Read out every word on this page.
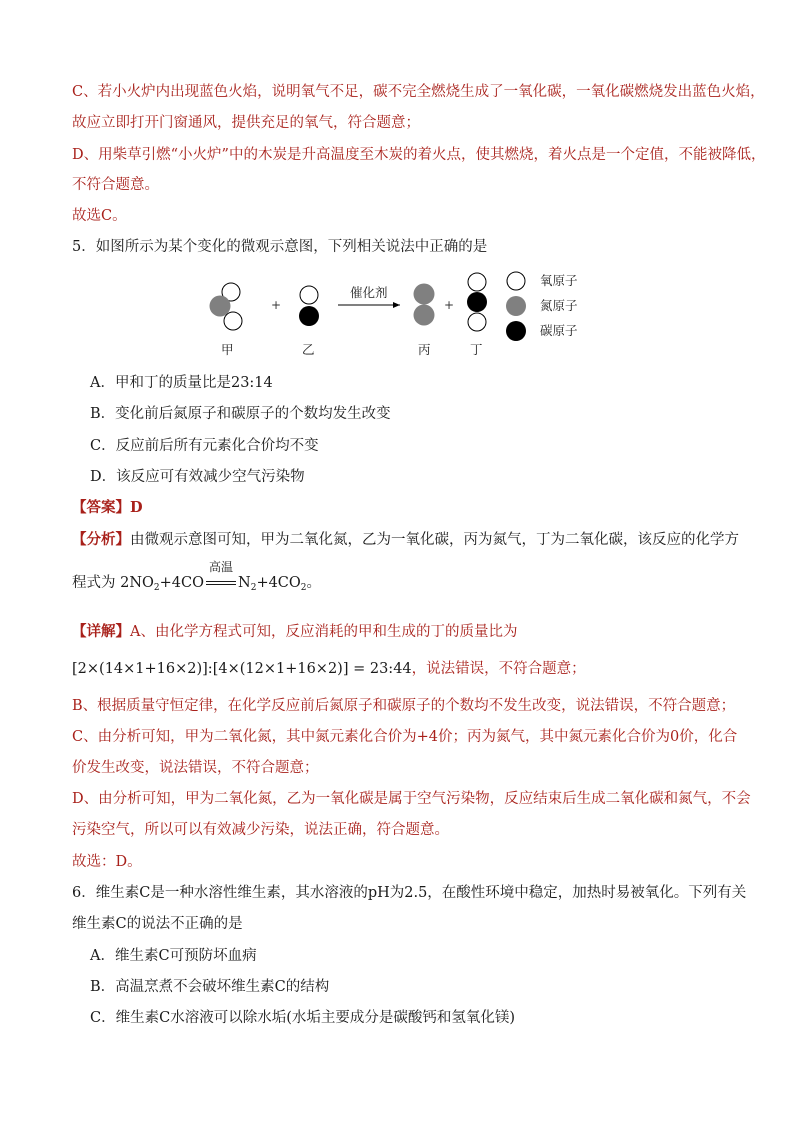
C、若小火炉内出现蓝色火焰，说明氧气不足，碳不完全燃烧生成了一氧化碳，一氧化碳燃烧发出蓝色火焰，
故应立即打开门窗通风，提供充足的氧气，符合题意；
D、用柴草引燃“小火炉”中的木炭是升高温度至木炭的着火点，使其燃烧，着火点是一个定值，不能被降低，
不符合题意。
故选C。
5．如图所示为某个变化的微观示意图，下列相关说法中正确的是
+
催化剂
+
氧原子
氮原子
碳原子
甲	乙	丙	丁
A．甲和丁的质量比是23:14
B．变化前后氮原子和碳原子的个数均发生改变
C．反应前后所有元素化合价均不变
D．该反应可有效减少空气污染物
【答案】D
【分析】由微观示意图可知，甲为二氧化氮，乙为一氧化碳，丙为氮气，丁为二氧化碳，该反应的化学方
程式为 $2NO_2+4CO$
高温
$N_2+4CO_2$。
【详解】A、由化学方程式可知，反应消耗的甲和生成的丁的质量比为
[2×(14×1+16×2)]:[4×(12×1+16×2)] = 23:44，说法错误，不符合题意；
B、根据质量守恒定律，在化学反应前后氮原子和碳原子的个数均不发生改变，说法错误，不符合题意；
C、由分析可知，甲为二氧化氮，其中氮元素化合价为+4价；丙为氮气，其中氮元素化合价为0价，化合
价发生改变，说法错误，不符合题意；
D、由分析可知，甲为二氧化氮，乙为一氧化碳是属于空气污染物，反应结束后生成二氧化碳和氮气，不会
污染空气，所以可以有效减少污染，说法正确，符合题意。
故选：D。
6．维生素C是一种水溶性维生素，其水溶液的pH为2.5，在酸性环境中稳定，加热时易被氧化。下列有关
维生素C的说法不正确的是
A．维生素C可预防坏血病
B．高温烹煮不会破坏维生素C的结构
C．维生素C水溶液可以除水垢(水垢主要成分是碳酸钙和氢氧化镁)
